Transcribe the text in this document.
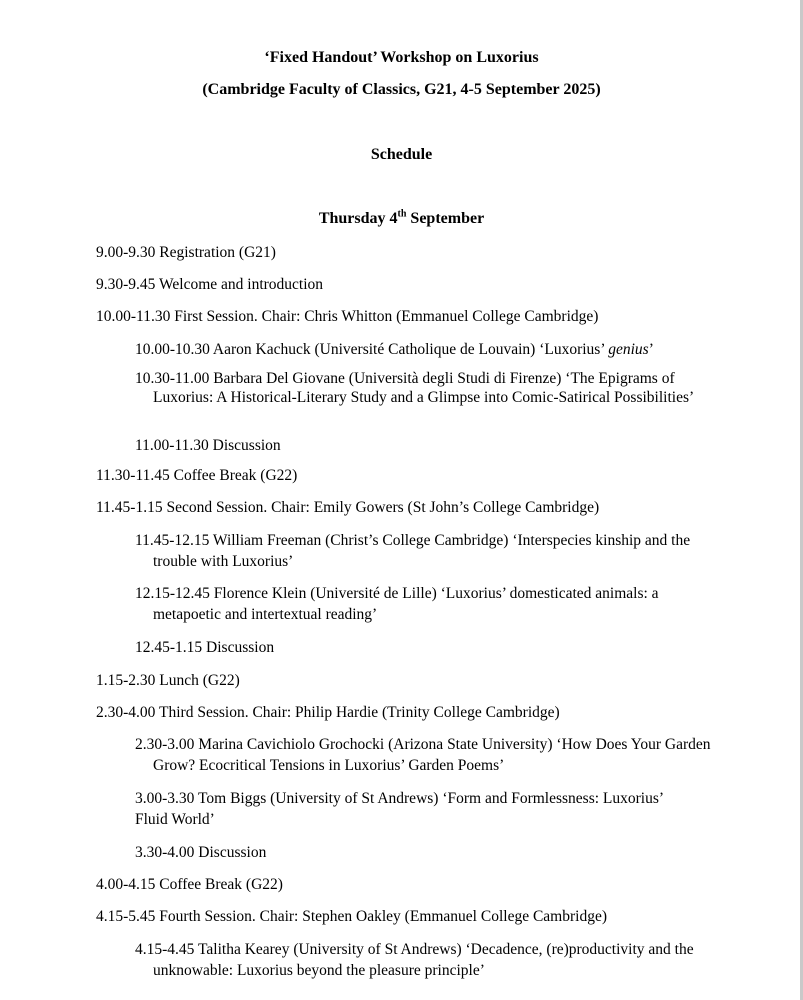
‘Fixed Handout’ Workshop on Luxorius
(Cambridge Faculty of Classics, G21, 4-5 September 2025)
Schedule
Thursday 4th September
9.00-9.30 Registration (G21)
9.30-9.45 Welcome and introduction
10.00-11.30 First Session. Chair: Chris Whitton (Emmanuel College Cambridge)
10.00-10.30 Aaron Kachuck (Université Catholique de Louvain) ‘Luxorius’ genius’
10.30-11.00 Barbara Del Giovane (Università degli Studi di Firenze) ‘The Epigrams of Luxorius: A Historical-Literary Study and a Glimpse into Comic-Satirical Possibilities’
11.00-11.30 Discussion
11.30-11.45 Coffee Break (G22)
11.45-1.15 Second Session. Chair: Emily Gowers (St John’s College Cambridge)
11.45-12.15 William Freeman (Christ’s College Cambridge) ‘Interspecies kinship and the trouble with Luxorius’
12.15-12.45 Florence Klein (Université de Lille) ‘Luxorius’ domesticated animals: a metapoetic and intertextual reading’
12.45-1.15 Discussion
1.15-2.30 Lunch (G22)
2.30-4.00 Third Session. Chair: Philip Hardie (Trinity College Cambridge)
2.30-3.00 Marina Cavichiolo Grochocki (Arizona State University) ‘How Does Your Garden Grow? Ecocritical Tensions in Luxorius’ Garden Poems’
3.00-3.30 Tom Biggs (University of St Andrews) ‘Form and Formlessness: Luxorius’ Fluid World’
3.30-4.00 Discussion
4.00-4.15 Coffee Break (G22)
4.15-5.45 Fourth Session. Chair: Stephen Oakley (Emmanuel College Cambridge)
4.15-4.45 Talitha Kearey (University of St Andrews) ‘Decadence, (re)productivity and the unknowable: Luxorius beyond the pleasure principle’
